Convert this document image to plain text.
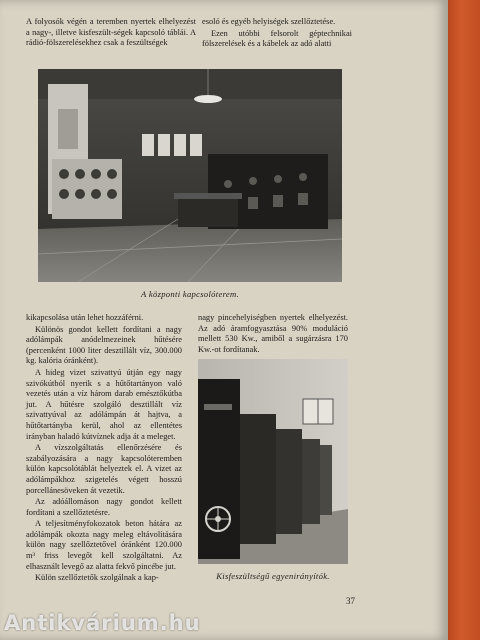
A folyosók végén a teremben nyertek elhelyezést a nagy-, illetve kisfeszült-ségek kapcsoló táblái. A rádió-fölszerelésekhez csak a feszültségek

esoló és egyéb helyiségek szellőztetése.

Ezen utóbbi felsorolt géptechnikai fölszerelések és a kábelek az adó alatti

A központi kapcsolóterem.

kikapcsolása után lehet hozzáférni.

Különös gondot kellett fordítani a nagy adólámpák anódelmezeinek hűtésére (percenként 1000 liter desztillált víz, 300.000 kg. kalória óránként).

A hideg vizet szivattyú útján egy nagy szivókútból nyerik s a hűtőtartányon való vezetés után a víz három darab emésztőkútba jut. A hűtésre szolgáló desztillált víz szivattyúval az adólámpán át hajtva, a hűtőtartányba kerül, ahol az ellentétes irányban haladó kútvíznek adja át a meleget.

A vízszolgáltatás ellenőrzésére és szabályozására a nagy kapcsolóteremben külön kapcsolótáblát helyeztek el. A vizet az adólámpákhoz szigetelés végett hosszú porcellánesöveken át vezetik.

Az adóállomáson nagy gondot kellett fordítani a szellőztetésre.

A teljesítményfokozatok beton hátára az adólámpák okozta nagy meleg eltávolítására külön nagy szellőztetővel óránként 120.000 m³ friss levegőt kell szolgáltatni. Az elhasznált levegő az alatta fekvő pincébe jut.

Külön szellőztetők szolgálnak a kap-

nagy pincehelyiségben nyertek elhelyezést. Az adó áramfogyasztása 90% moduláció mellett 530 Kw., amiből a sugárzásra 170 Kw.-ot fordítanak.

Kisfeszültségű egyenirányítók.
37
Antikvárium.hu
